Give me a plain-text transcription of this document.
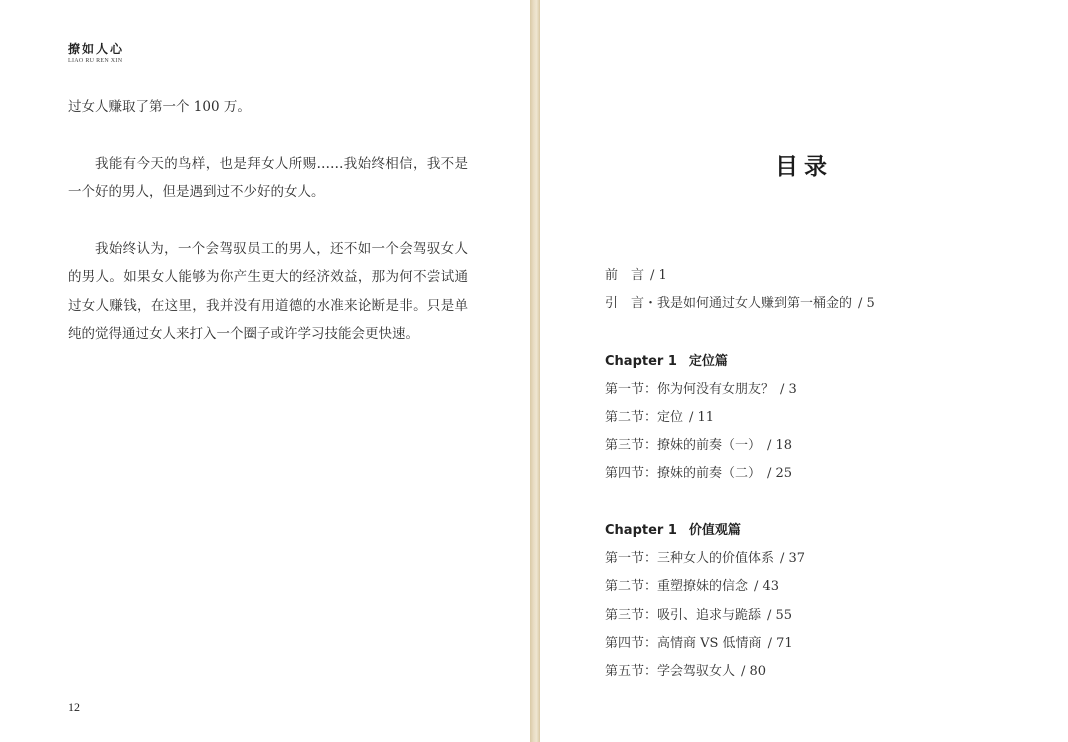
撩如人心
LIAO RU REN XIN

过女人赚取了第一个 100 万。

我能有今天的鸟样，也是拜女人所赐……我始终相信，我不是一个好的男人，但是遇到过不少好的女人。

我始终认为，一个会驾驭员工的男人，还不如一个会驾驭女人的男人。如果女人能够为你产生更大的经济效益，那为何不尝试通过女人赚钱，在这里，我并没有用道德的水准来论断是非。只是单纯的觉得通过女人来打入一个圈子或许学习技能会更快速。

12
目录
前　言 / 1
引　言・我是如何通过女人赚到第一桶金的 / 5
Chapter 1 定位篇
第一节：你为何没有女朋友？ / 3
第二节：定位 / 11
第三节：撩妹的前奏（一） / 18
第四节：撩妹的前奏（二） / 25
Chapter 1 价值观篇
第一节：三种女人的价值体系 / 37
第二节：重塑撩妹的信念 / 43
第三节：吸引、追求与跪舔 / 55
第四节：高情商 VS 低情商 / 71
第五节：学会驾驭女人 / 80
